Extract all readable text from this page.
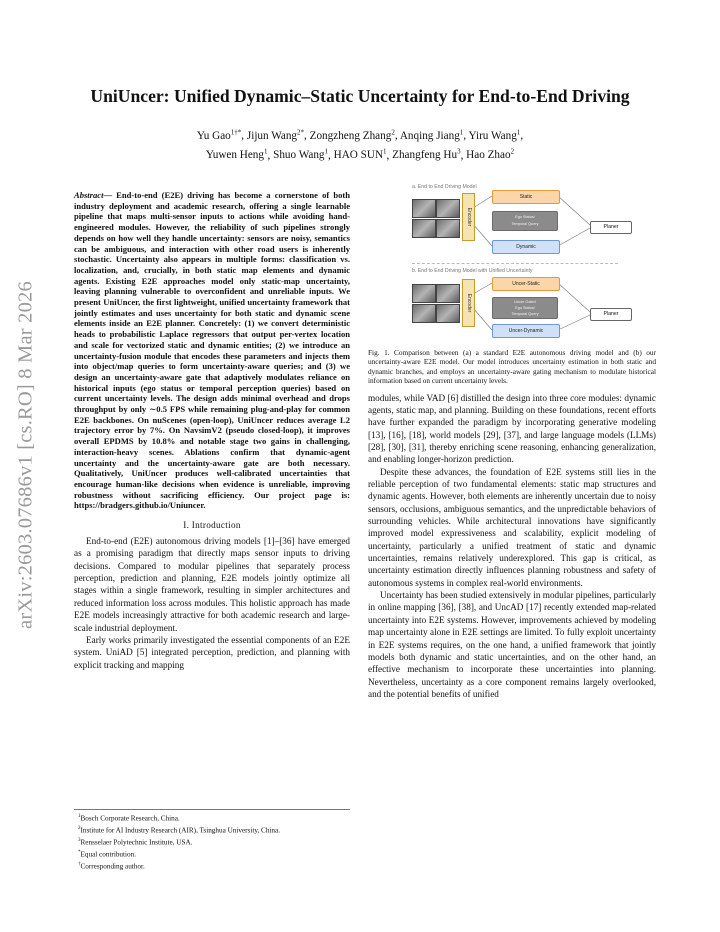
arXiv:2603.07686v1 [cs.RO] 8 Mar 2026
UniUncer: Unified Dynamic–Static Uncertainty for End-to-End Driving
Yu Gao$^{1\dagger*}$, Jijun Wang$^{2*}$, Zongzheng Zhang$^2$, Anqing Jiang$^1$, Yiru Wang$^1$,
Yuwen Heng$^1$, Shuo Wang$^1$, HAO SUN$^1$, Zhangfeng Hu$^3$, Hao Zhao$^2$

Abstract— End-to-end (E2E) driving has become a cornerstone of both industry deployment and academic research, offering a single learnable pipeline that maps multi-sensor inputs to actions while avoiding hand-engineered modules. However, the reliability of such pipelines strongly depends on how well they handle uncertainty: sensors are noisy, semantics can be ambiguous, and interaction with other road users is inherently stochastic. Uncertainty also appears in multiple forms: classification vs. localization, and, crucially, in both static map elements and dynamic agents. Existing E2E approaches model only static-map uncertainty, leaving planning vulnerable to overconfident and unreliable inputs. We present UniUncer, the first lightweight, unified uncertainty framework that jointly estimates and uses uncertainty for both static and dynamic scene elements inside an E2E planner. Concretely: (1) we convert deterministic heads to probabilistic Laplace regressors that output per-vertex location and scale for vectorized static and dynamic entities; (2) we introduce an uncertainty-fusion module that encodes these parameters and injects them into object/map queries to form uncertainty-aware queries; and (3) we design an uncertainty-aware gate that adaptively modulates reliance on historical inputs (ego status or temporal perception queries) based on current uncertainty levels. The design adds minimal overhead and drops throughput by only ∼0.5 FPS while remaining plug-and-play for common E2E backbones. On nuScenes (open-loop), UniUncer reduces average L2 trajectory error by 7%. On NavsimV2 (pseudo closed-loop), it improves overall EPDMS by 10.8% and notable stage two gains in challenging, interaction-heavy scenes. Ablations confirm that dynamic-agent uncertainty and the uncertainty-aware gate are both necessary. Qualitatively, UniUncer produces well-calibrated uncertainties that encourage human-like decisions when evidence is unreliable, improving robustness without sacrificing efficiency. Our project page is: https://bradgers.github.io/Uniuncer.

I. Introduction

End-to-end (E2E) autonomous driving models [1]–[36] have emerged as a promising paradigm that directly maps sensor inputs to driving decisions. Compared to modular pipelines that separately process perception, prediction and planning, E2E models jointly optimize all stages within a single framework, resulting in simpler architectures and reduced information loss across modules. This holistic approach has made E2E models increasingly attractive for both academic research and large-scale industrial deployment.

Early works primarily investigated the essential components of an E2E system. UniAD [5] integrated perception, prediction, and planning with explicit tracking and mapping

$^1$Bosch Corporate Research, China.
$^2$Institute for AI Industry Research (AIR), Tsinghua University, China.
$^3$Rensselaer Polytechnic Institute, USA.
*Equal contribution.
†Corresponding author.
a. End to End Driving Model
Encoder
Static
Ego Status/
Temporal Query
Dynamic
Planer
b. End to End Driving Model with Unified Uncertainty
Encoder
Uncer-Static
Uncer Gated
Ego Status/
Temporal Query
Uncer-Dynamic
Planer

Fig. 1. Comparison between (a) a standard E2E autonomous driving model and (b) our uncertainty-aware E2E model. Our model introduces uncertainty estimation in both static and dynamic branches, and employs an uncertainty-aware gating mechanism to modulate historical information based on current uncertainty levels.

modules, while VAD [6] distilled the design into three core modules: dynamic agents, static map, and planning. Building on these foundations, recent efforts have further expanded the paradigm by incorporating generative modeling [13], [16], [18], world models [29], [37], and large language models (LLMs) [28], [30], [31], thereby enriching scene reasoning, enhancing generalization, and enabling longer-horizon prediction.

Despite these advances, the foundation of E2E systems still lies in the reliable perception of two fundamental elements: static map structures and dynamic agents. However, both elements are inherently uncertain due to noisy sensors, occlusions, ambiguous semantics, and the unpredictable behaviors of surrounding vehicles. While architectural innovations have significantly improved model expressiveness and scalability, explicit modeling of uncertainty, particularly a unified treatment of static and dynamic uncertainties, remains relatively underexplored. This gap is critical, as uncertainty estimation directly influences planning robustness and safety of autonomous systems in complex real-world environments.

Uncertainty has been studied extensively in modular pipelines, particularly in online mapping [36], [38], and UncAD [17] recently extended map-related uncertainty into E2E systems. However, improvements achieved by modeling map uncertainty alone in E2E settings are limited. To fully exploit uncertainty in E2E systems requires, on the one hand, a unified framework that jointly models both dynamic and static uncertainties, and on the other hand, an effective mechanism to incorporate these uncertainties into planning. Nevertheless, uncertainty as a core component remains largely overlooked, and the potential benefits of unified
